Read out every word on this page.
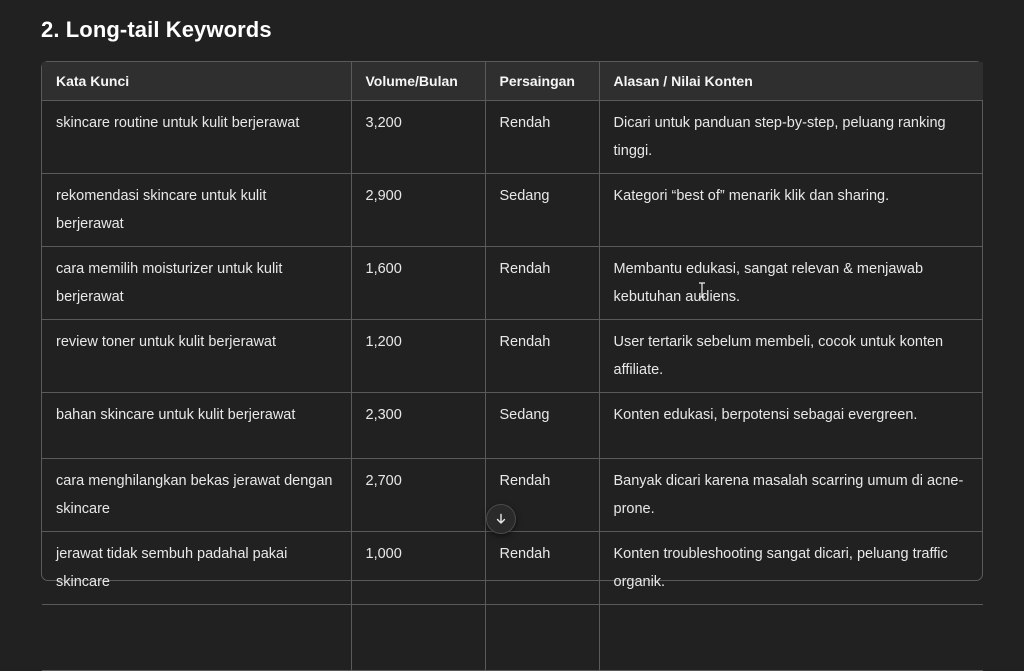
2. Long-tail Keywords
Kata Kunci	Volume/Bulan	Persaingan	Alasan / Nilai Konten
skincare routine untuk kulit berjerawat	3,200	Rendah	Dicari untuk panduan step-by-step, peluang ranking tinggi.
rekomendasi skincare untuk kulit berjerawat	2,900	Sedang	Kategori “best of” menarik klik dan sharing.
cara memilih moisturizer untuk kulit berjerawat	1,600	Rendah	Membantu edukasi, sangat relevan & menjawab kebutuhan audiens.
review toner untuk kulit berjerawat	1,200	Rendah	User tertarik sebelum membeli, cocok untuk konten affiliate.
bahan skincare untuk kulit berjerawat	2,300	Sedang	Konten edukasi, berpotensi sebagai evergreen.
cara menghilangkan bekas jerawat dengan skincare	2,700	Rendah	Banyak dicari karena masalah scarring umum di acne-prone.
jerawat tidak sembuh padahal pakai skincare	1,000	Rendah	Konten troubleshooting sangat dicari, peluang traffic organik.
